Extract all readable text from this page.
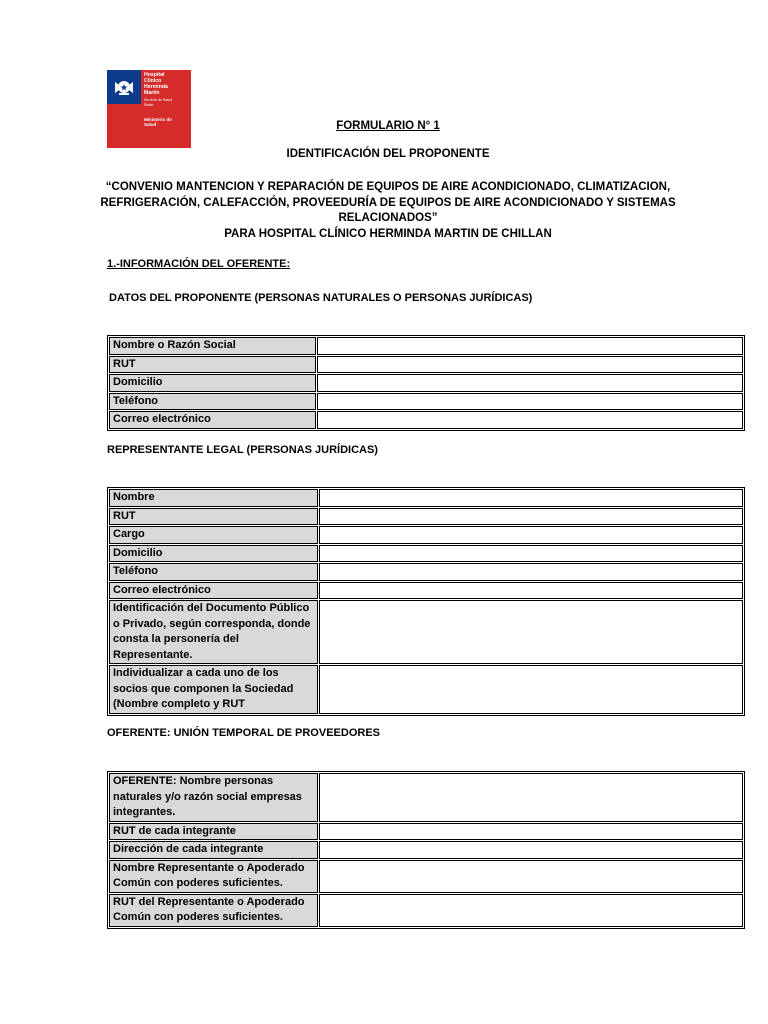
Hospital
Clínico
Herminda
Martin
Servicio de Salud
Ñuble
Ministerio de
Salud	FORMULARIO N° 1
IDENTIFICACIÓN DEL PROPONENTE

“CONVENIO MANTENCION Y REPARACIÓN DE EQUIPOS DE AIRE ACONDICIONADO, CLIMATIZACION,

REFRIGERACIÓN, CALEFACCIÓN, PROVEEDURÍA DE EQUIPOS DE AIRE ACONDICIONADO Y SISTEMAS

RELACIONADOS”

PARA HOSPITAL CLÍNICO HERMINDA MARTIN DE CHILLAN

1.-INFORMACIÓN DEL OFERENTE:
DATOS DEL PROPONENTE (PERSONAS NATURALES O PERSONAS JURÍDICAS)
Nombre o Razón Social	
RUT	
Domicilio	
Teléfono	
Correo electrónico	
REPRESENTANTE LEGAL (PERSONAS JURÍDICAS)
Nombre	
RUT	
Cargo	
Domicilio	
Teléfono	
Correo electrónico	
Identificación del Documento Público o Privado, según corresponda, donde consta la personería del Representante.	
Individualizar a cada uno de los socios que componen la Sociedad (Nombre completo y RUT	
OFERENTE: UNIÓN TEMPORAL DE PROVEEDORES
OFERENTE: Nombre personas naturales y/o razón social empresas integrantes.	
RUT de cada integrante	
Dirección de cada integrante	
Nombre Representante o Apoderado Común con poderes suficientes.	
RUT del Representante o Apoderado Común con poderes suficientes.	
